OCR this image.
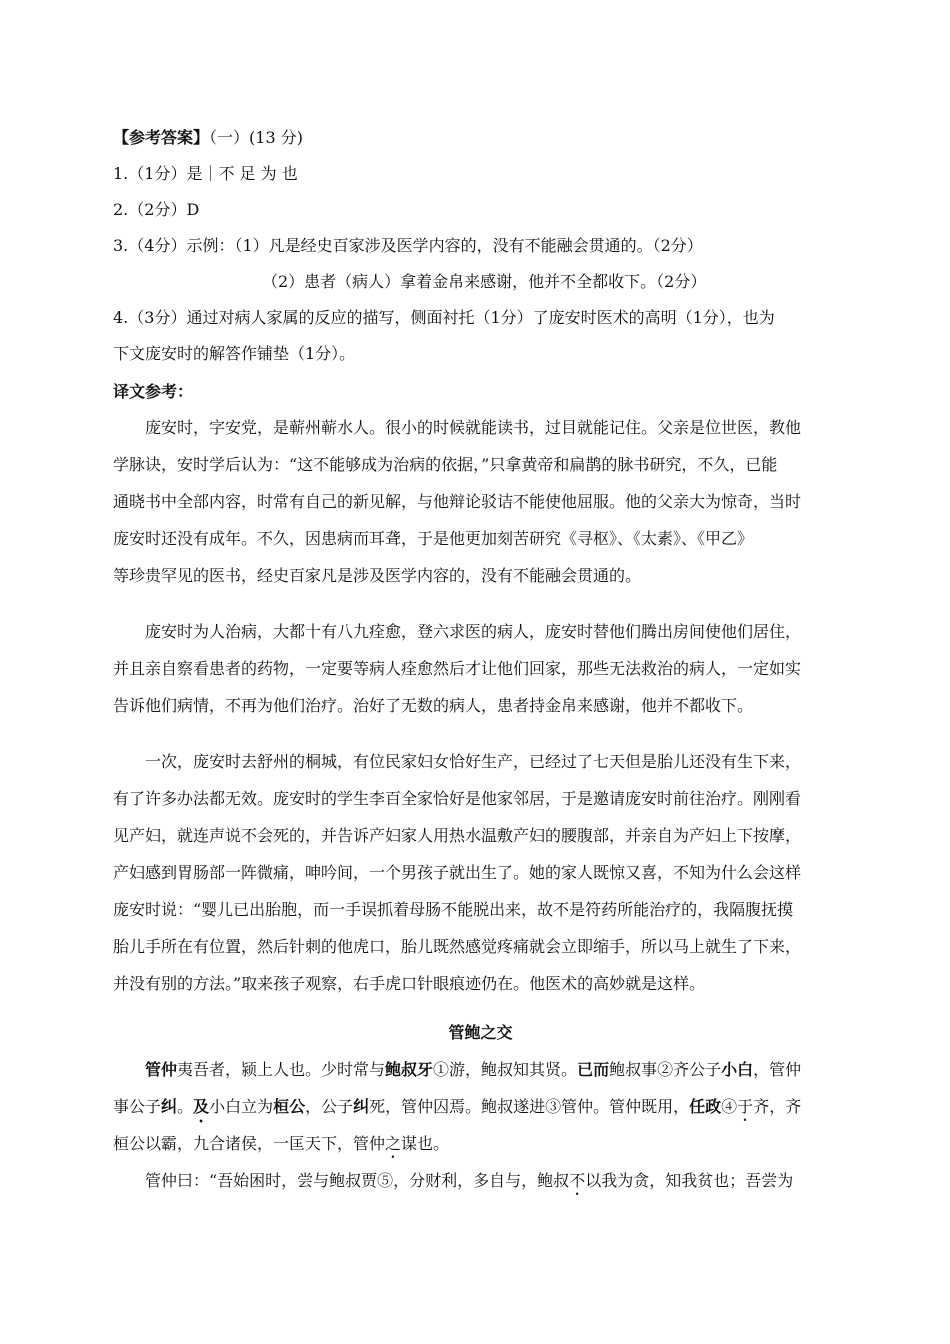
【参考答案】（一）(13 分)
1.（1分）是｜不 足 为 也
2.（2分）D
3.（4分）示例：（1）凡是经史百家涉及医学内容的，没有不能融会贯通的。（2分）
（2）患者（病人）拿着金帛来感谢，他并不全都收下。（2分）
4.（3分）通过对病人家属的反应的描写，侧面衬托（1分）了庞安时医术的高明（1分），也为
下文庞安时的解答作铺垫（1分）。
译文参考：
庞安时，字安党，是蕲州蕲水人。很小的时候就能读书，过目就能记住。父亲是位世医，教他
学脉诀，安时学后认为：“这不能够成为治病的依据，”只拿黄帝和扁鹊的脉书研究，不久，已能
通晓书中全部内容，时常有自己的新见解，与他辩论驳诘不能使他屈服。他的父亲大为惊奇，当时
庞安时还没有成年。不久，因患病而耳聋，于是他更加刻苦研究《寻枢》、《太素》、《甲乙》
等珍贵罕见的医书，经史百家凡是涉及医学内容的，没有不能融会贯通的。
庞安时为人治病，大都十有八九痊愈，登六求医的病人，庞安时替他们腾出房间使他们居住，
并且亲自察看患者的药物，一定要等病人痊愈然后才让他们回家，那些无法救治的病人，一定如实
告诉他们病情，不再为他们治疗。治好了无数的病人，患者持金帛来感谢，他并不都收下。
一次，庞安时去舒州的桐城，有位民家妇女恰好生产，已经过了七天但是胎儿还没有生下来，
有了许多办法都无效。庞安时的学生李百全家恰好是他家邻居，于是邀请庞安时前往治疗。刚刚看
见产妇，就连声说不会死的，并告诉产妇家人用热水温敷产妇的腰腹部，并亲自为产妇上下按摩，
产妇感到胃肠部一阵微痛，呻吟间，一个男孩子就出生了。她的家人既惊又喜，不知为什么会这样
庞安时说：“婴儿已出胎胞，而一手误抓着母肠不能脱出来，故不是符药所能治疗的，我隔腹抚摸
胎儿手所在有位置，然后针刺的他虎口，胎儿既然感觉疼痛就会立即缩手，所以马上就生了下来，
并没有别的方法。”取来孩子观察，右手虎口针眼痕迹仍在。他医术的高妙就是这样。
管鲍之交
管仲夷吾者，颍上人也。少时常与鲍叔牙①游，鲍叔知其贤。已而鲍叔事②齐公子小白，管仲
事公子纠。及小白立为桓公，公子纠死，管仲囚焉。鲍叔遂进③管仲。管仲既用，任政④于齐，齐
桓公以霸，九合诸侯，一匡天下，管仲之谋也。
管仲曰：“吾始困时，尝与鲍叔贾⑤，分财利，多自与，鲍叔不以我为贪，知我贫也；吾尝为
